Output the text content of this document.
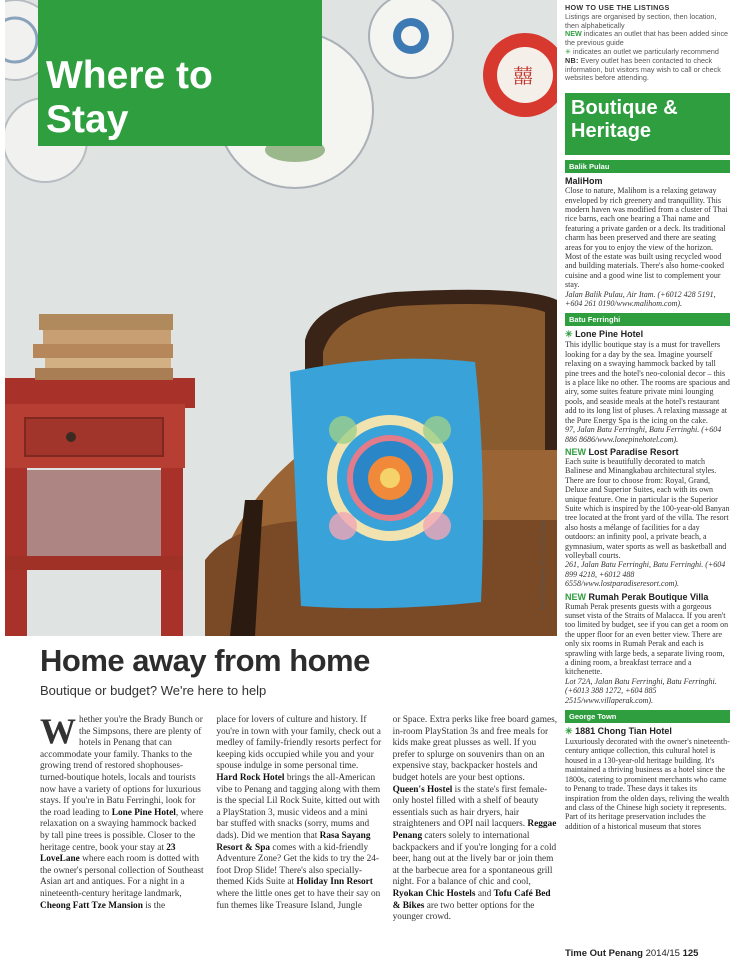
囍
PHOTOGRAPHY BY 23 LOVELANE
Where to
Stay
Home away from home
Boutique or budget? We're here to help
Whether you're the Brady Bunch or the Simpsons, there are plenty of hotels in Penang that can accommodate your family. Thanks to the growing trend of restored shophouses-turned-boutique hotels, locals and tourists now have a variety of options for luxurious stays. If you're in Batu Ferringhi, look for the road leading to Lone Pine Hotel, where relaxation on a swaying hammock backed by tall pine trees is possible. Closer to the heritage centre, book your stay at 23 LoveLane where each room is dotted with the owner's personal collection of Southeast Asian art and antiques. For a night in a nineteenth-century heritage landmark, Cheong Fatt Tze Mansion is the
place for lovers of culture and history. If you're in town with your family, check out a medley of family-friendly resorts perfect for keeping kids occupied while you and your spouse indulge in some personal time. Hard Rock Hotel brings the all-American vibe to Penang and tagging along with them is the special Lil Rock Suite, kitted out with a PlayStation 3, music videos and a mini bar stuffed with snacks (sorry, mums and dads). Did we mention that Rasa Sayang Resort & Spa comes with a kid-friendly Adventure Zone? Get the kids to try the 24-foot Drop Slide! There's also specially-themed Kids Suite at Holiday Inn Resort where the little ones get to have their say on fun themes like Treasure Island, Jungle
or Space. Extra perks like free board games, in-room PlayStation 3s and free meals for kids make great plusses as well. If you prefer to splurge on souvenirs than on an expensive stay, backpacker hostels and budget hotels are your best options. Queen's Hostel is the state's first female-only hostel filled with a shelf of beauty essentials such as hair dryers, hair straighteners and OPI nail lacquers. Reggae Penang caters solely to international backpackers and if you're longing for a cold beer, hang out at the lively bar or join them at the barbecue area for a spontaneous grill night. For a balance of chic and cool, Ryokan Chic Hostels and Tofu Café Bed & Bikes are two better options for the younger crowd.
HOW TO USE THE LISTINGS
Listings are organised by section, then location, then alphabetically
NEW indicates an outlet that has been added since the previous guide
✳ indicates an outlet we particularly recommend
NB: Every outlet has been contacted to check information, but visitors may wish to call or check websites before attending.
Boutique &
Heritage
Balik Pulau
MaliHom
Close to nature, Malihom is a relaxing getaway enveloped by rich greenery and tranquillity. This modern haven was modified from a cluster of Thai rice barns, each one bearing a Thai name and featuring a private garden or a deck. Its traditional charm has been preserved and there are seating areas for you to enjoy the view of the horizon. Most of the estate was built using recycled wood and building materials. There's also home-cooked cuisine and a good wine list to complement your stay.
Jalan Balik Pulau, Air Itam. (+6012 428 5191, +604 261 0190/www.malihom.com).
Batu Ferringhi
✳ Lone Pine Hotel
This idyllic boutique stay is a must for travellers looking for a day by the sea. Imagine yourself relaxing on a swaying hammock backed by tall pine trees and the hotel's neo-colonial decor – this is a place like no other. The rooms are spacious and airy, some suites feature private mini lounging pools, and seaside meals at the hotel's restaurant add to its long list of pluses. A relaxing massage at the Pure Energy Spa is the icing on the cake.
97, Jalan Batu Ferringhi, Batu Ferringhi. (+604 886 8686/www.lonepinehotel.com).
NEW Lost Paradise Resort
Each suite is beautifully decorated to match Balinese and Minangkabau architectural styles. There are four to choose from: Royal, Grand, Deluxe and Superior Suites, each with its own unique feature. One in particular is the Superior Suite which is inspired by the 100-year-old Banyan tree located at the front yard of the villa. The resort also hosts a mélange of facilities for a day outdoors: an infinity pool, a private beach, a gymnasium, water sports as well as basketball and volleyball courts.
261, Jalan Batu Ferringhi, Batu Ferringhi. (+604 899 4218, +6012 488 6558/www.lostparadiseresort.com).
NEW Rumah Perak Boutique Villa
Rumah Perak presents guests with a gorgeous sunset vista of the Straits of Malacca. If you aren't too limited by budget, see if you can get a room on the upper floor for an even better view. There are only six rooms in Rumah Perak and each is sprawling with large beds, a separate living room, a dining room, a breakfast terrace and a kitchenette.
Lot 72A, Jalan Batu Ferringhi, Batu Ferringhi. (+6013 388 1272, +604 885 2515/www.villaperak.com).
George Town
✳ 1881 Chong Tian Hotel
Luxuriously decorated with the owner's nineteenth-century antique collection, this cultural hotel is housed in a 130-year-old heritage building. It's maintained a thriving business as a hotel since the 1800s, catering to prominent merchants who came to Penang to trade. These days it takes its inspiration from the olden days, reliving the wealth and class of the Chinese high society it represents. Part of its heritage preservation includes the addition of a historical museum that stores
Time Out Penang 2014/15 125
